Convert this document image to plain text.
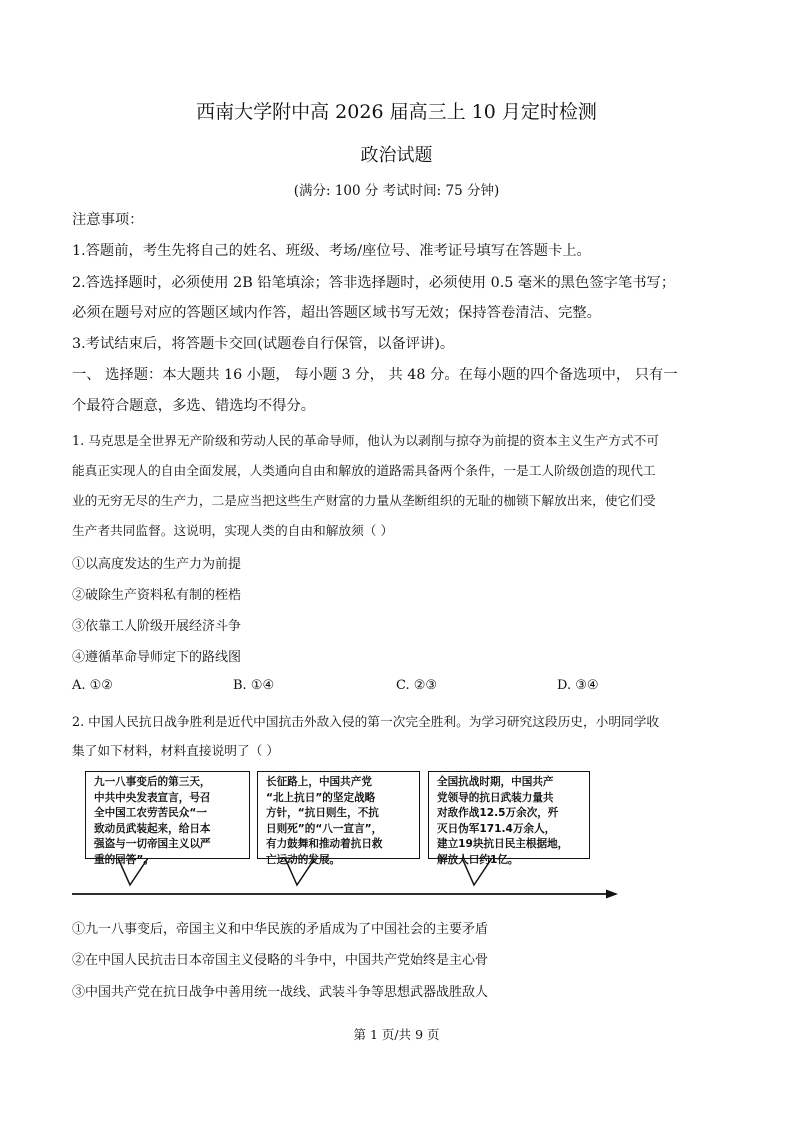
西南大学附中高 2026 届高三上 10 月定时检测
政治试题
(满分: 100 分 考试时间: 75 分钟)
注意事项：
1.答题前，考生先将自己的姓名、班级、考场/座位号、准考证号填写在答题卡上。
2.答选择题时，必须使用 2B 铅笔填涂；答非选择题时，必须使用 0.5 毫米的黑色签字笔书写；
必须在题号对应的答题区域内作答，超出答题区域书写无效；保持答卷清洁、完整。
3.考试结束后，将答题卡交回(试题卷自行保管，以备评讲)。
一、 选择题：本大题共 16 小题， 每小题 3 分， 共 48 分。在每小题的四个备选项中， 只有一
个最符合题意，多选、错选均不得分。
1. 马克思是全世界无产阶级和劳动人民的革命导师，他认为以剥削与掠夺为前提的资本主义生产方式不可
能真正实现人的自由全面发展，人类通向自由和解放的道路需具备两个条件，一是工人阶级创造的现代工
业的无穷无尽的生产力，二是应当把这些生产财富的力量从垄断组织的无耻的枷锁下解放出来，使它们受
生产者共同监督。这说明，实现人类的自由和解放须（ ）
①以高度发达的生产力为前提
②破除生产资料私有制的桎梏
③依靠工人阶级开展经济斗争
④遵循革命导师定下的路线图
A. ①②	B. ①④	C. ②③	D. ③④
2. 中国人民抗日战争胜利是近代中国抗击外敌入侵的第一次完全胜利。为学习研究这段历史，小明同学收
集了如下材料，材料直接说明了（ ）
九一八事变后的第三天，
中共中央发表宣言，号召
全中国工农劳苦民众“一
致动员武装起来，给日本
强盗与一切帝国主义以严
重的回答”。
长征路上，中国共产党
“北上抗日”的坚定战略
方针，“抗日则生，不抗
日则死”的“八一宣言”，
有力鼓舞和推动着抗日救
亡运动的发展。
全国抗战时期，中国共产
党领导的抗日武装力量共
对敌作战12.5万余次，歼
灭日伪军171.4万余人，
建立19块抗日民主根据地，
解放人口约1亿。
①九一八事变后，帝国主义和中华民族的矛盾成为了中国社会的主要矛盾
②在中国人民抗击日本帝国主义侵略的斗争中，中国共产党始终是主心骨
③中国共产党在抗日战争中善用统一战线、武装斗争等思想武器战胜敌人
第 1 页/共 9 页
